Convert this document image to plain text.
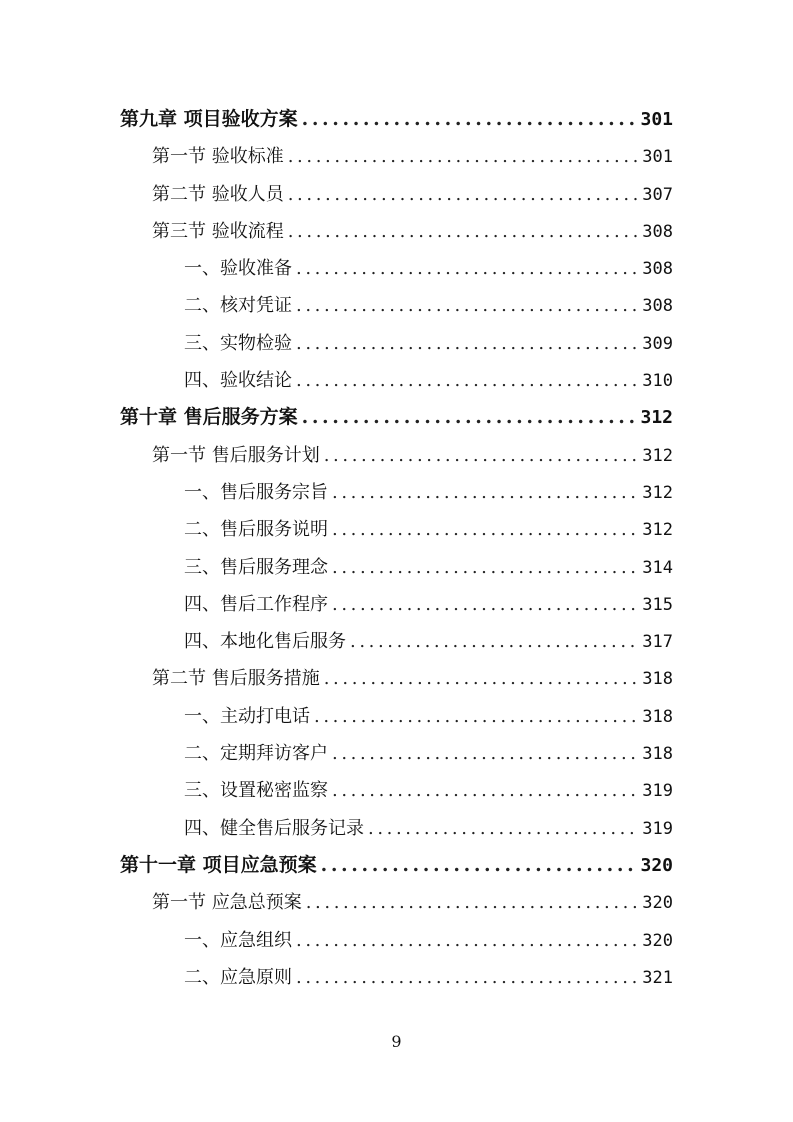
第九章 项目验收方案 .....	301
第一节 验收标准 .....	301
第二节 验收人员 .....	307
第三节 验收流程 .....	308
一、验收准备 .....	308
二、核对凭证 .....	308
三、实物检验 .....	309
四、验收结论 .....	310
第十章 售后服务方案 .....	312
第一节 售后服务计划 .....	312
一、售后服务宗旨 .....	312
二、售后服务说明 .....	312
三、售后服务理念 .....	314
四、售后工作程序 .....	315
四、本地化售后服务 .....	317
第二节 售后服务措施 .....	318
一、主动打电话 .....	318
二、定期拜访客户 .....	318
三、设置秘密监察 .....	319
四、健全售后服务记录 .....	319
第十一章 项目应急预案 .....	320
第一节 应急总预案 .....	320
一、应急组织 .....	320
二、应急原则 .....	321
9
